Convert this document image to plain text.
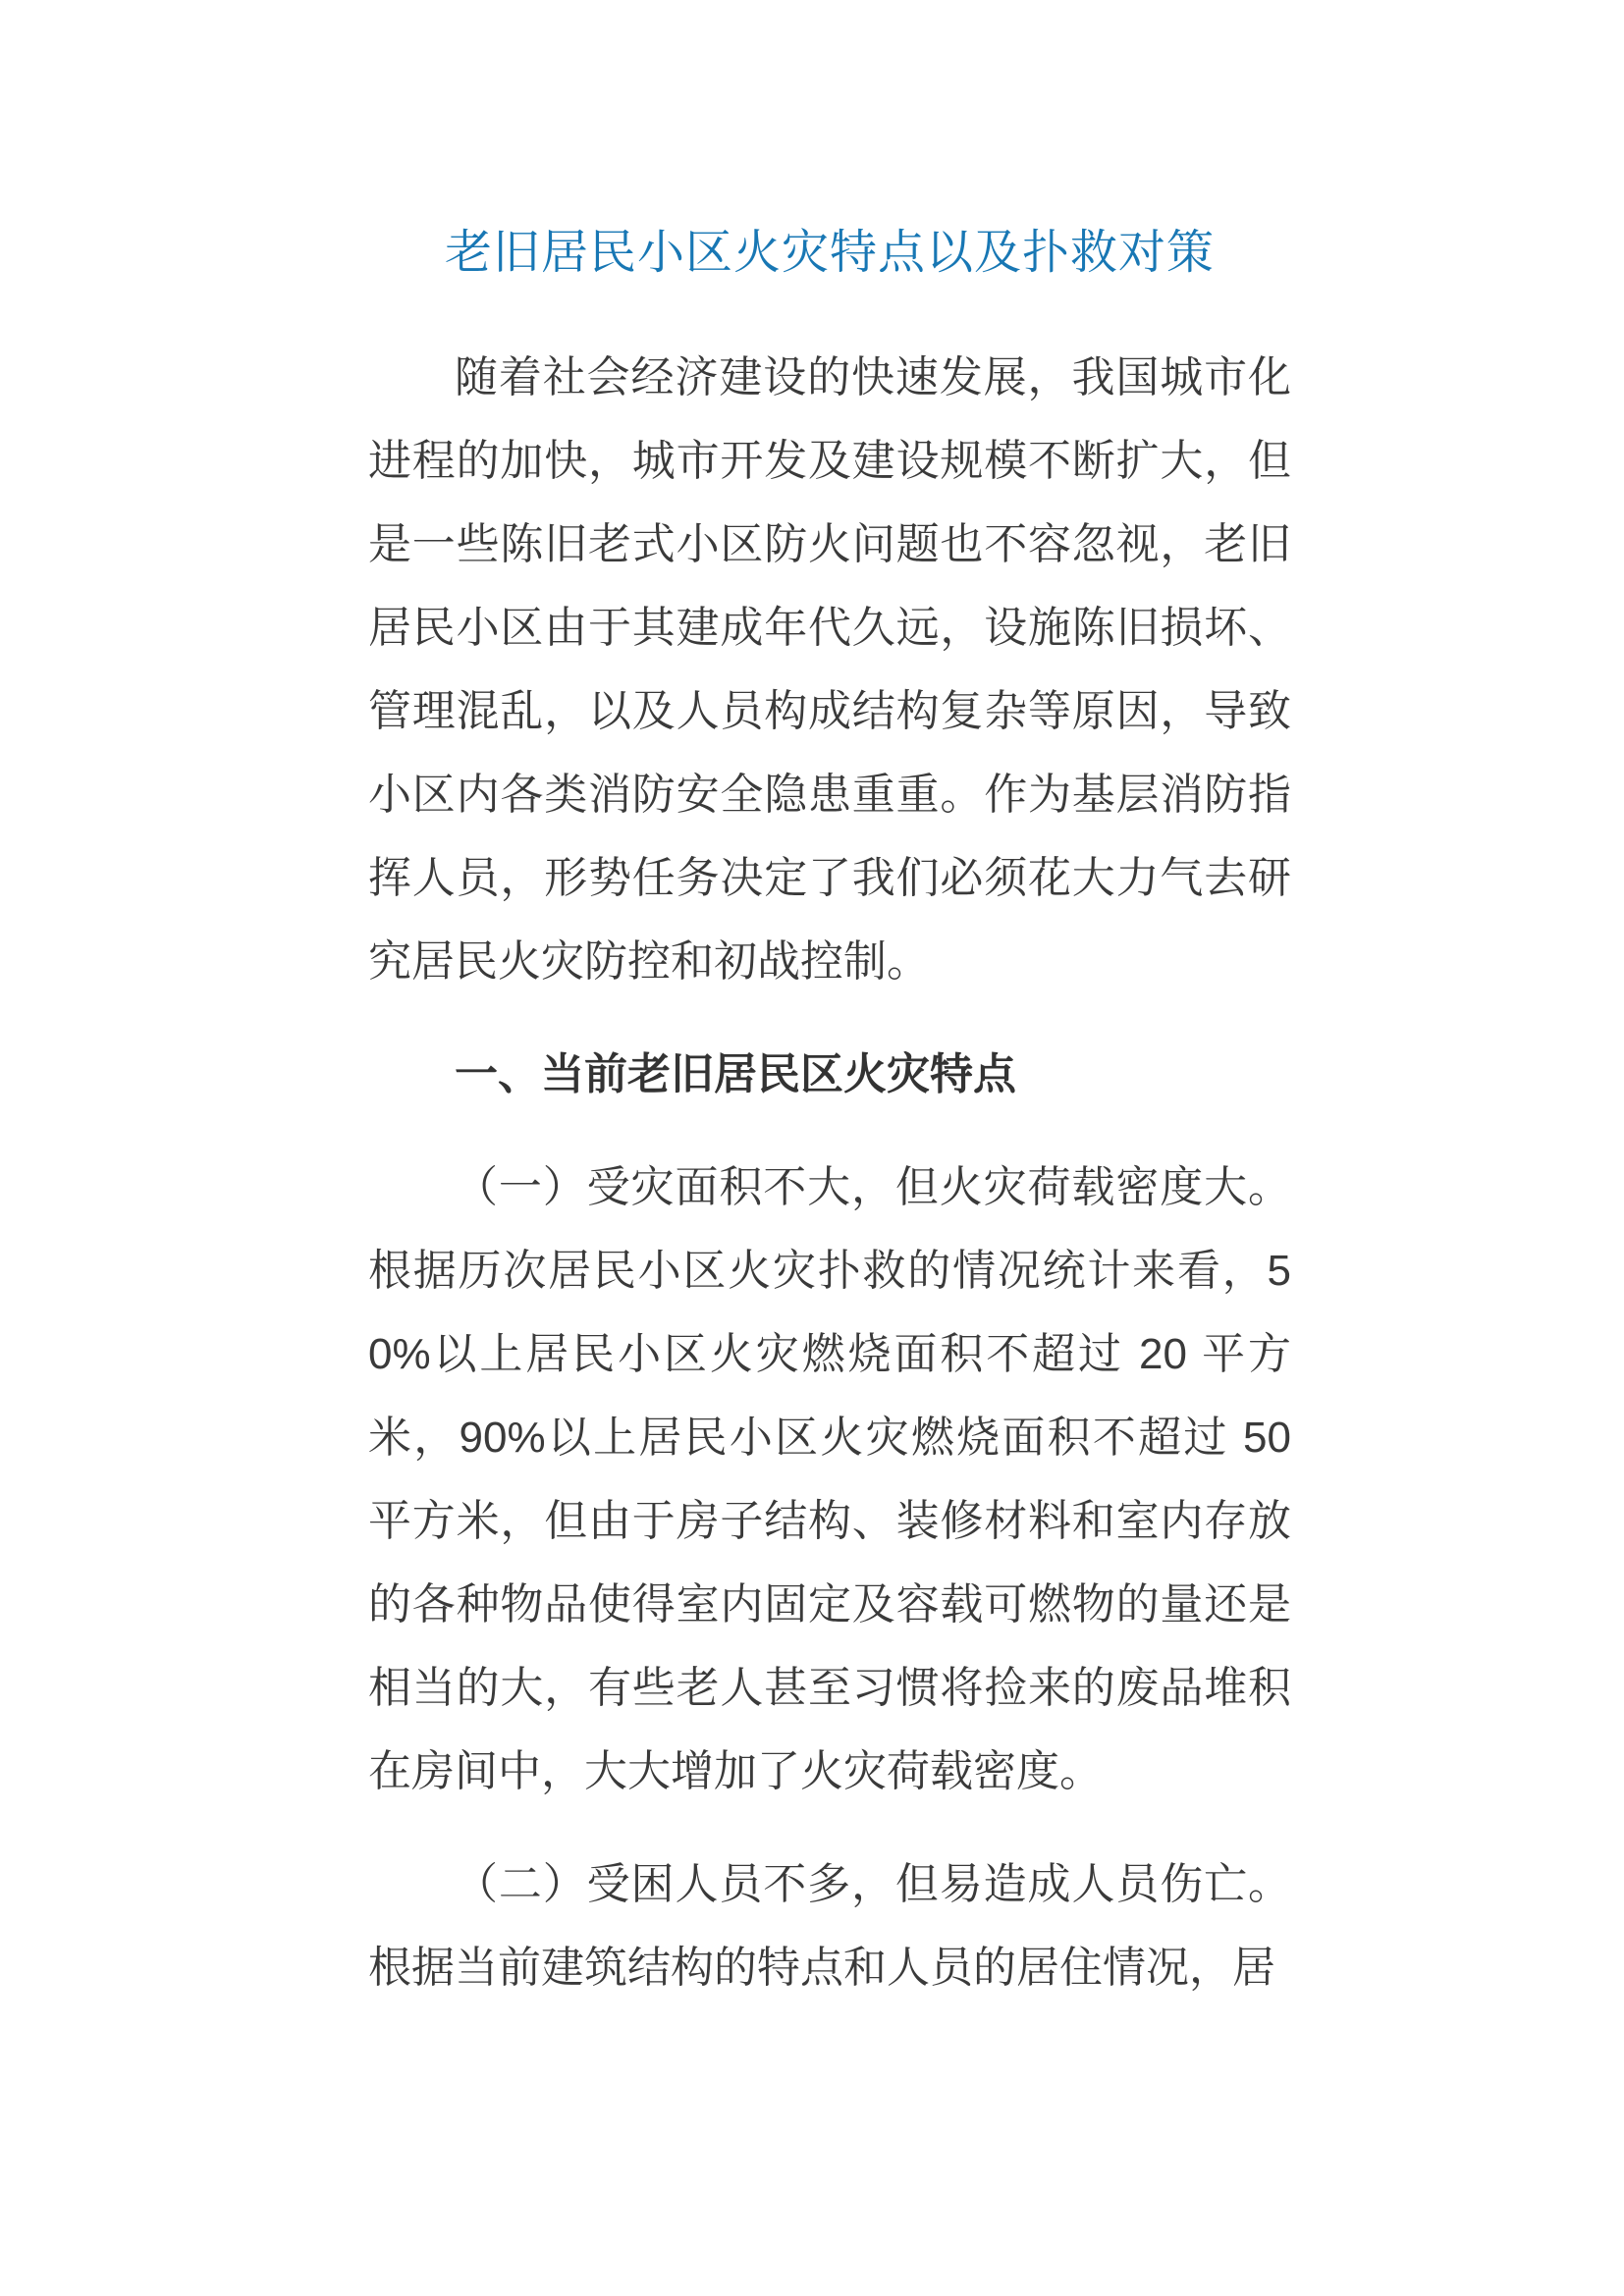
老旧居民小区火灾特点以及扑救对策

随着社会经济建设的快速发展，我国城市化进程的加快，城市开发及建设规模不断扩大，但是一些陈旧老式小区防火问题也不容忽视，老旧居民小区由于其建成年代久远，设施陈旧损坏、管理混乱，以及人员构成结构复杂等原因，导致小区内各类消防安全隐患重重。作为基层消防指挥人员，形势任务决定了我们必须花大力气去研究居民火灾防控和初战控制。

一、当前老旧居民区火灾特点

（一）受灾面积不大，但火灾荷载密度大。根据历次居民小区火灾扑救的情况统计来看，50%以上居民小区火灾燃烧面积不超过 20 平方米，90%以上居民小区火灾燃烧面积不超过 50 平方米，但由于房子结构、装修材料和室内存放的各种物品使得室内固定及容载可燃物的量还是相当的大，有些老人甚至习惯将捡来的废品堆积在房间中，大大增加了火灾荷载密度。

（二）受困人员不多，但易造成人员伤亡。根据当前建筑结构的特点和人员的居住情况，居
